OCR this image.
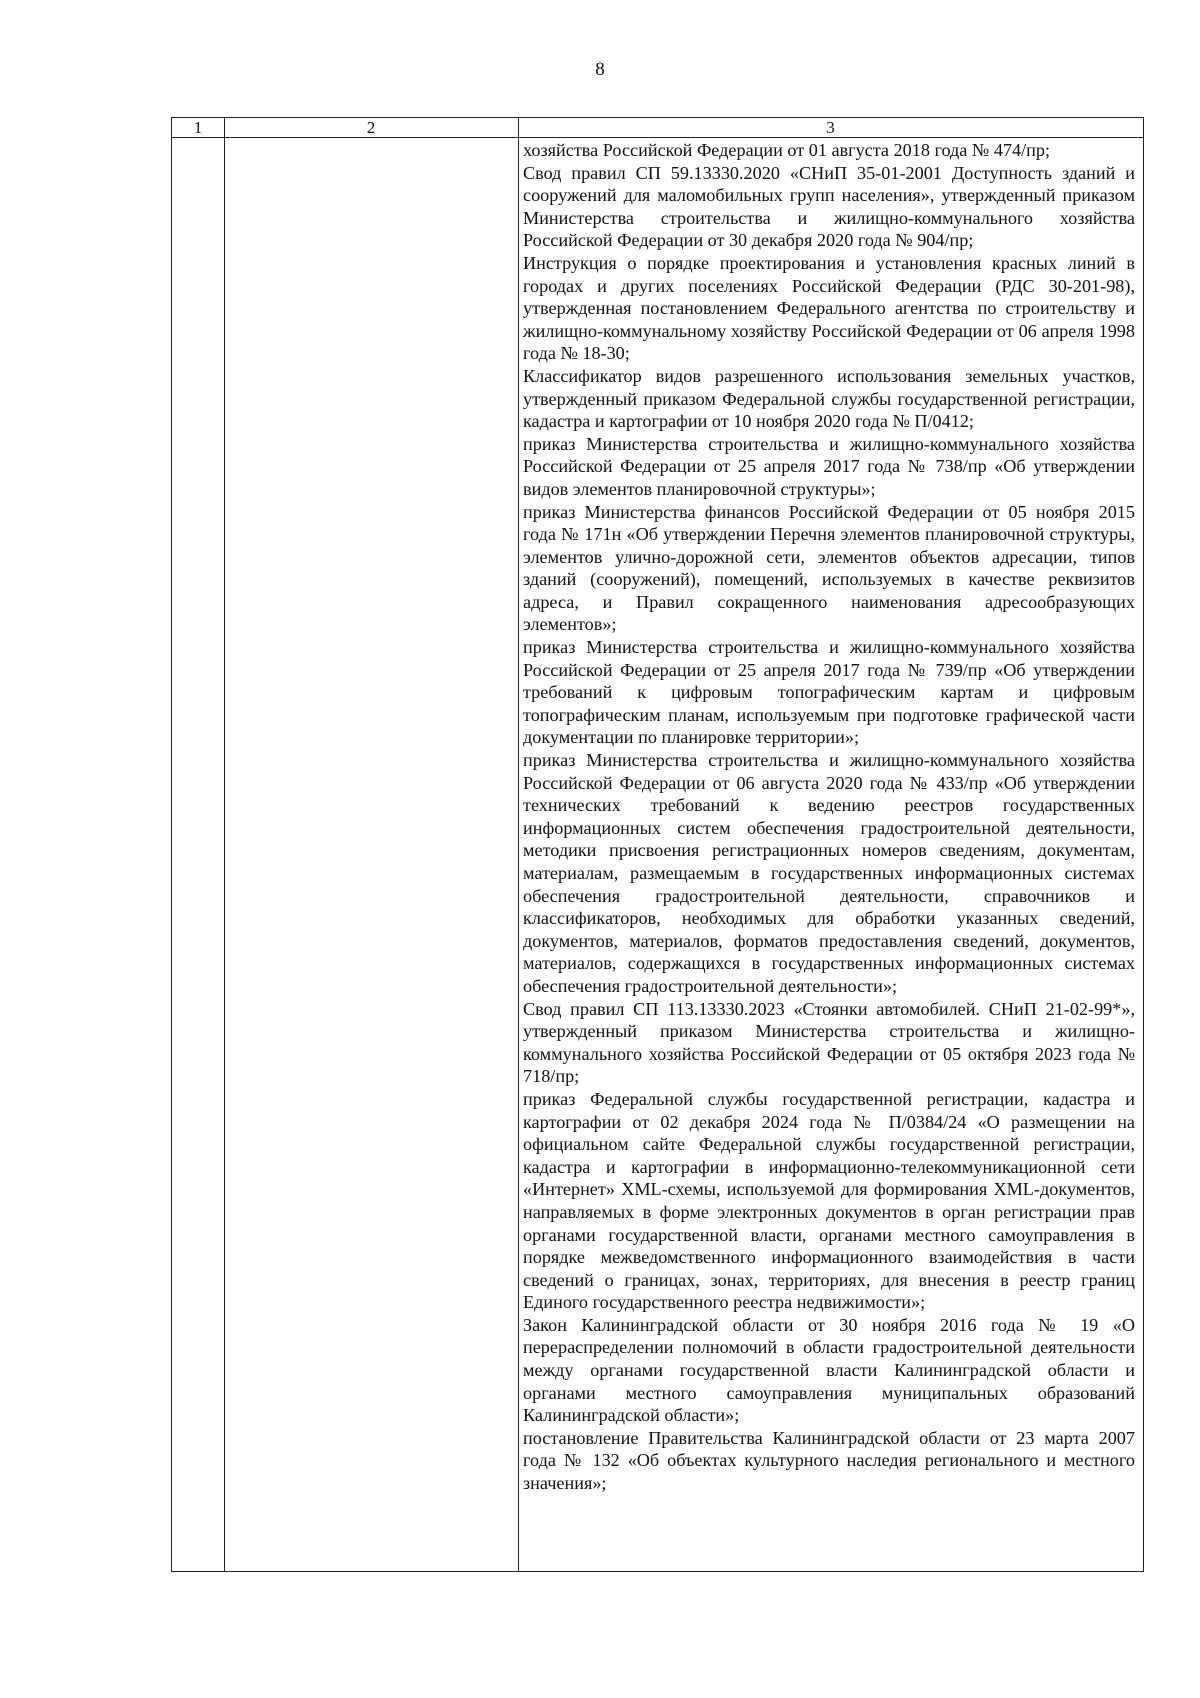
8
1	2	3

хозяйства Российской Федерации от 01 августа 2018 года № 474/пр;

Свод правил СП 59.13330.2020 «СНиП 35-01-2001 Доступность зданий и сооружений для маломобильных групп населения», утвержденный приказом Министерства строительства и жилищно-коммунального хозяйства Российской Федерации от 30 декабря 2020 года № 904/пр;

Инструкция о порядке проектирования и установления красных линий в городах и других поселениях Российской Федерации (РДС 30-201-98), утвержденная постановлением Федерального агентства по строительству и жилищно-коммунальному хозяйству Российской Федерации от 06 апреля 1998 года № 18-30;

Классификатор видов разрешенного использования земельных участков, утвержденный приказом Федеральной службы государственной регистрации, кадастра и картографии от 10 ноября 2020 года № П/0412;

приказ Министерства строительства и жилищно-коммунального хозяйства Российской Федерации от 25 апреля 2017 года № 738/пр «Об утверждении видов элементов планировочной структуры»;

приказ Министерства финансов Российской Федерации от 05 ноября 2015 года № 171н «Об утверждении Перечня элементов планировочной структуры, элементов улично-дорожной сети, элементов объектов адресации, типов зданий (сооружений), помещений, используемых в качестве реквизитов адреса, и Правил сокращенного наименования адресообразующих элементов»;

приказ Министерства строительства и жилищно-коммунального хозяйства Российской Федерации от 25 апреля 2017 года № 739/пр «Об утверждении требований к цифровым топографическим картам и цифровым топографическим планам, используемым при подготовке графической части документации по планировке территории»;

приказ Министерства строительства и жилищно-коммунального хозяйства Российской Федерации от 06 августа 2020 года № 433/пр «Об утверждении технических требований к ведению реестров государственных информационных систем обеспечения градостроительной деятельности, методики присвоения регистрационных номеров сведениям, документам, материалам, размещаемым в государственных информационных системах обеспечения градостроительной деятельности, справочников и классификаторов, необходимых для обработки указанных сведений, документов, материалов, форматов предоставления сведений, документов, материалов, содержащихся в государственных информационных системах обеспечения градостроительной деятельности»;

Свод правил СП 113.13330.2023 «Стоянки автомобилей. СНиП 21-02-99*», утвержденный приказом Министерства строительства и жилищно-коммунального хозяйства Российской Федерации от 05 октября 2023 года № 718/пр;

приказ Федеральной службы государственной регистрации, кадастра и картографии от 02 декабря 2024 года № П/0384/24 «О размещении на официальном сайте Федеральной службы государственной регистрации, кадастра и картографии в информационно-телекоммуникационной сети «Интернет» XML-схемы, используемой для формирования XML-документов, направляемых в форме электронных документов в орган регистрации прав органами государственной власти, органами местного самоуправления в порядке межведомственного информационного взаимодействия в части сведений о границах, зонах, территориях, для внесения в реестр границ Единого государственного реестра недвижимости»;

Закон Калининградской области от 30 ноября 2016 года № 19 «О перераспределении полномочий в области градостроительной деятельности между органами государственной власти Калининградской области и органами местного самоуправления муниципальных образований Калининградской области»;

постановление Правительства Калининградской области от 23 марта 2007 года № 132 «Об объектах культурного наследия регионального и местного значения»;
